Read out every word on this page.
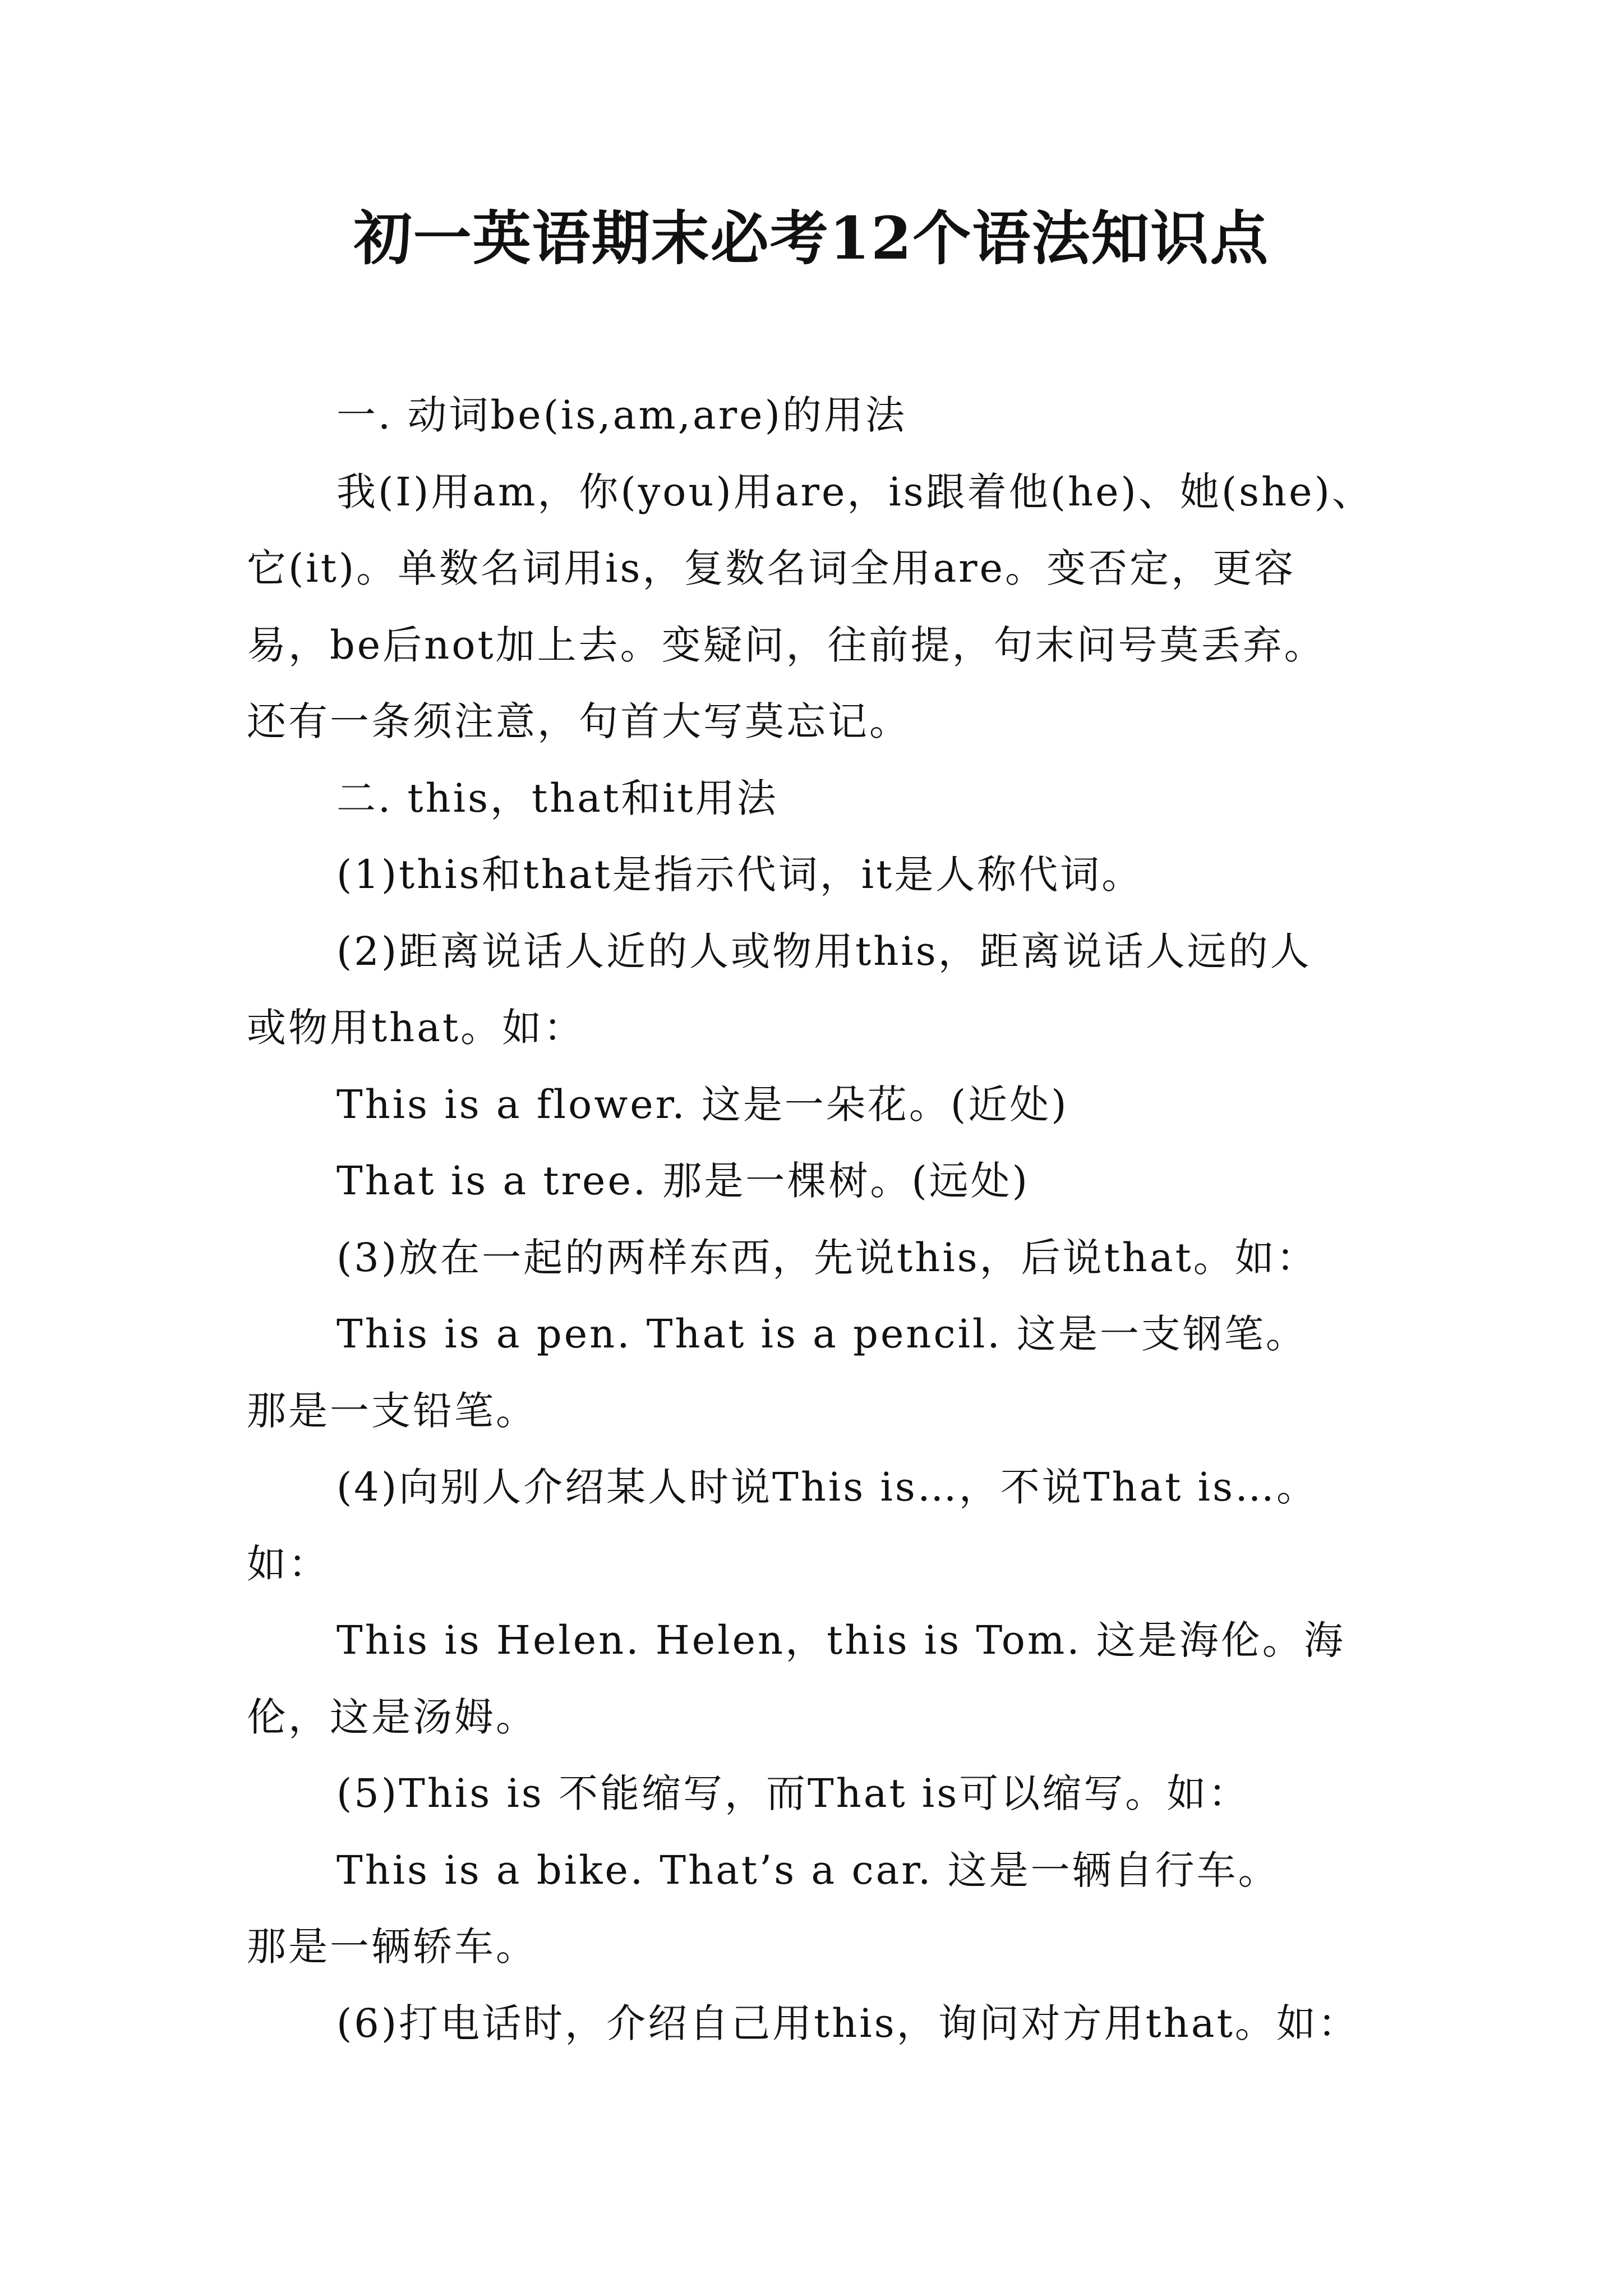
初一英语期末必考12个语法知识点
一. 动词be(is,am,are)的用法
我(I)用am，你(you)用are，is跟着他(he)、她(she)、
它(it)。单数名词用is，复数名词全用are。变否定，更容
易，be后not加上去。变疑问，往前提，句末问号莫丢弃。
还有一条须注意，句首大写莫忘记。
二. this，that和it用法
(1)this和that是指示代词，it是人称代词。
(2)距离说话人近的人或物用this，距离说话人远的人
或物用that。如：
This is a flower. 这是一朵花。(近处)
That is a tree. 那是一棵树。(远处)
(3)放在一起的两样东西，先说this，后说that。如：
This is a pen. That is a pencil. 这是一支钢笔。
那是一支铅笔。
(4)向别人介绍某人时说This is…，不说That is…。
如：
This is Helen. Helen，this is Tom. 这是海伦。海
伦，这是汤姆。
(5)This is 不能缩写，而That is可以缩写。如：
This is a bike. That’s a car. 这是一辆自行车。
那是一辆轿车。
(6)打电话时，介绍自己用this，询问对方用that。如：
